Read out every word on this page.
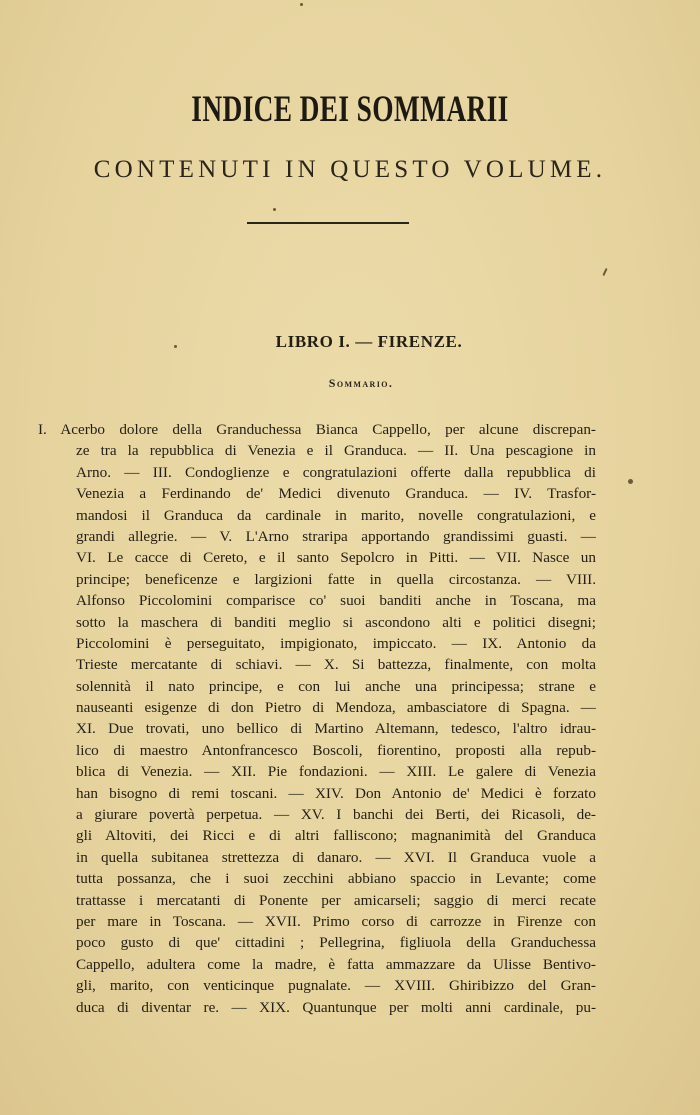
INDICE DEI SOMMARII
CONTENUTI IN QUESTO VOLUME.
LIBRO I. — FIRENZE.
Sommario.
I. Acerbo dolore della Granduchessa Bianca Cappello, per alcune discrepan-
ze tra la repubblica di Venezia e il Granduca. — II. Una pescagione in
Arno. — III. Condoglienze e congratulazioni offerte dalla repubblica di
Venezia a Ferdinando de' Medici divenuto Granduca. — IV. Trasfor-
mandosi il Granduca da cardinale in marito, novelle congratulazioni, e
grandi allegrie. — V. L'Arno straripa apportando grandissimi guasti. —
VI. Le cacce di Cereto, e il santo Sepolcro in Pitti. — VII. Nasce un
principe; beneficenze e largizioni fatte in quella circostanza. — VIII.
Alfonso Piccolomini comparisce co' suoi banditi anche in Toscana, ma
sotto la maschera di banditi meglio si ascondono alti e politici disegni;
Piccolomini è perseguitato, impigionato, impiccato. — IX. Antonio da
Trieste mercatante di schiavi. — X. Si battezza, finalmente, con molta
solennità il nato principe, e con lui anche una principessa; strane e
nauseanti esigenze di don Pietro di Mendoza, ambasciatore di Spagna. —
XI. Due trovati, uno bellico di Martino Altemann, tedesco, l'altro idrau-
lico di maestro Antonfrancesco Boscoli, fiorentino, proposti alla repub-
blica di Venezia. — XII. Pie fondazioni. — XIII. Le galere di Venezia
han bisogno di remi toscani. — XIV. Don Antonio de' Medici è forzato
a giurare povertà perpetua. — XV. I banchi dei Berti, dei Ricasoli, de-
gli Altoviti, dei Ricci e di altri falliscono; magnanimità del Granduca
in quella subitanea strettezza di danaro. — XVI. Il Granduca vuole a
tutta possanza, che i suoi zecchini abbiano spaccio in Levante; come
trattasse i mercatanti di Ponente per amicarseli; saggio di merci recate
per mare in Toscana. — XVII. Primo corso di carrozze in Firenze con
poco gusto di que' cittadini ; Pellegrina, figliuola della Granduchessa
Cappello, adultera come la madre, è fatta ammazzare da Ulisse Bentivo-
gli, marito, con venticinque pugnalate. — XVIII. Ghiribizzo del Gran-
duca di diventar re. — XIX. Quantunque per molti anni cardinale, pu-
